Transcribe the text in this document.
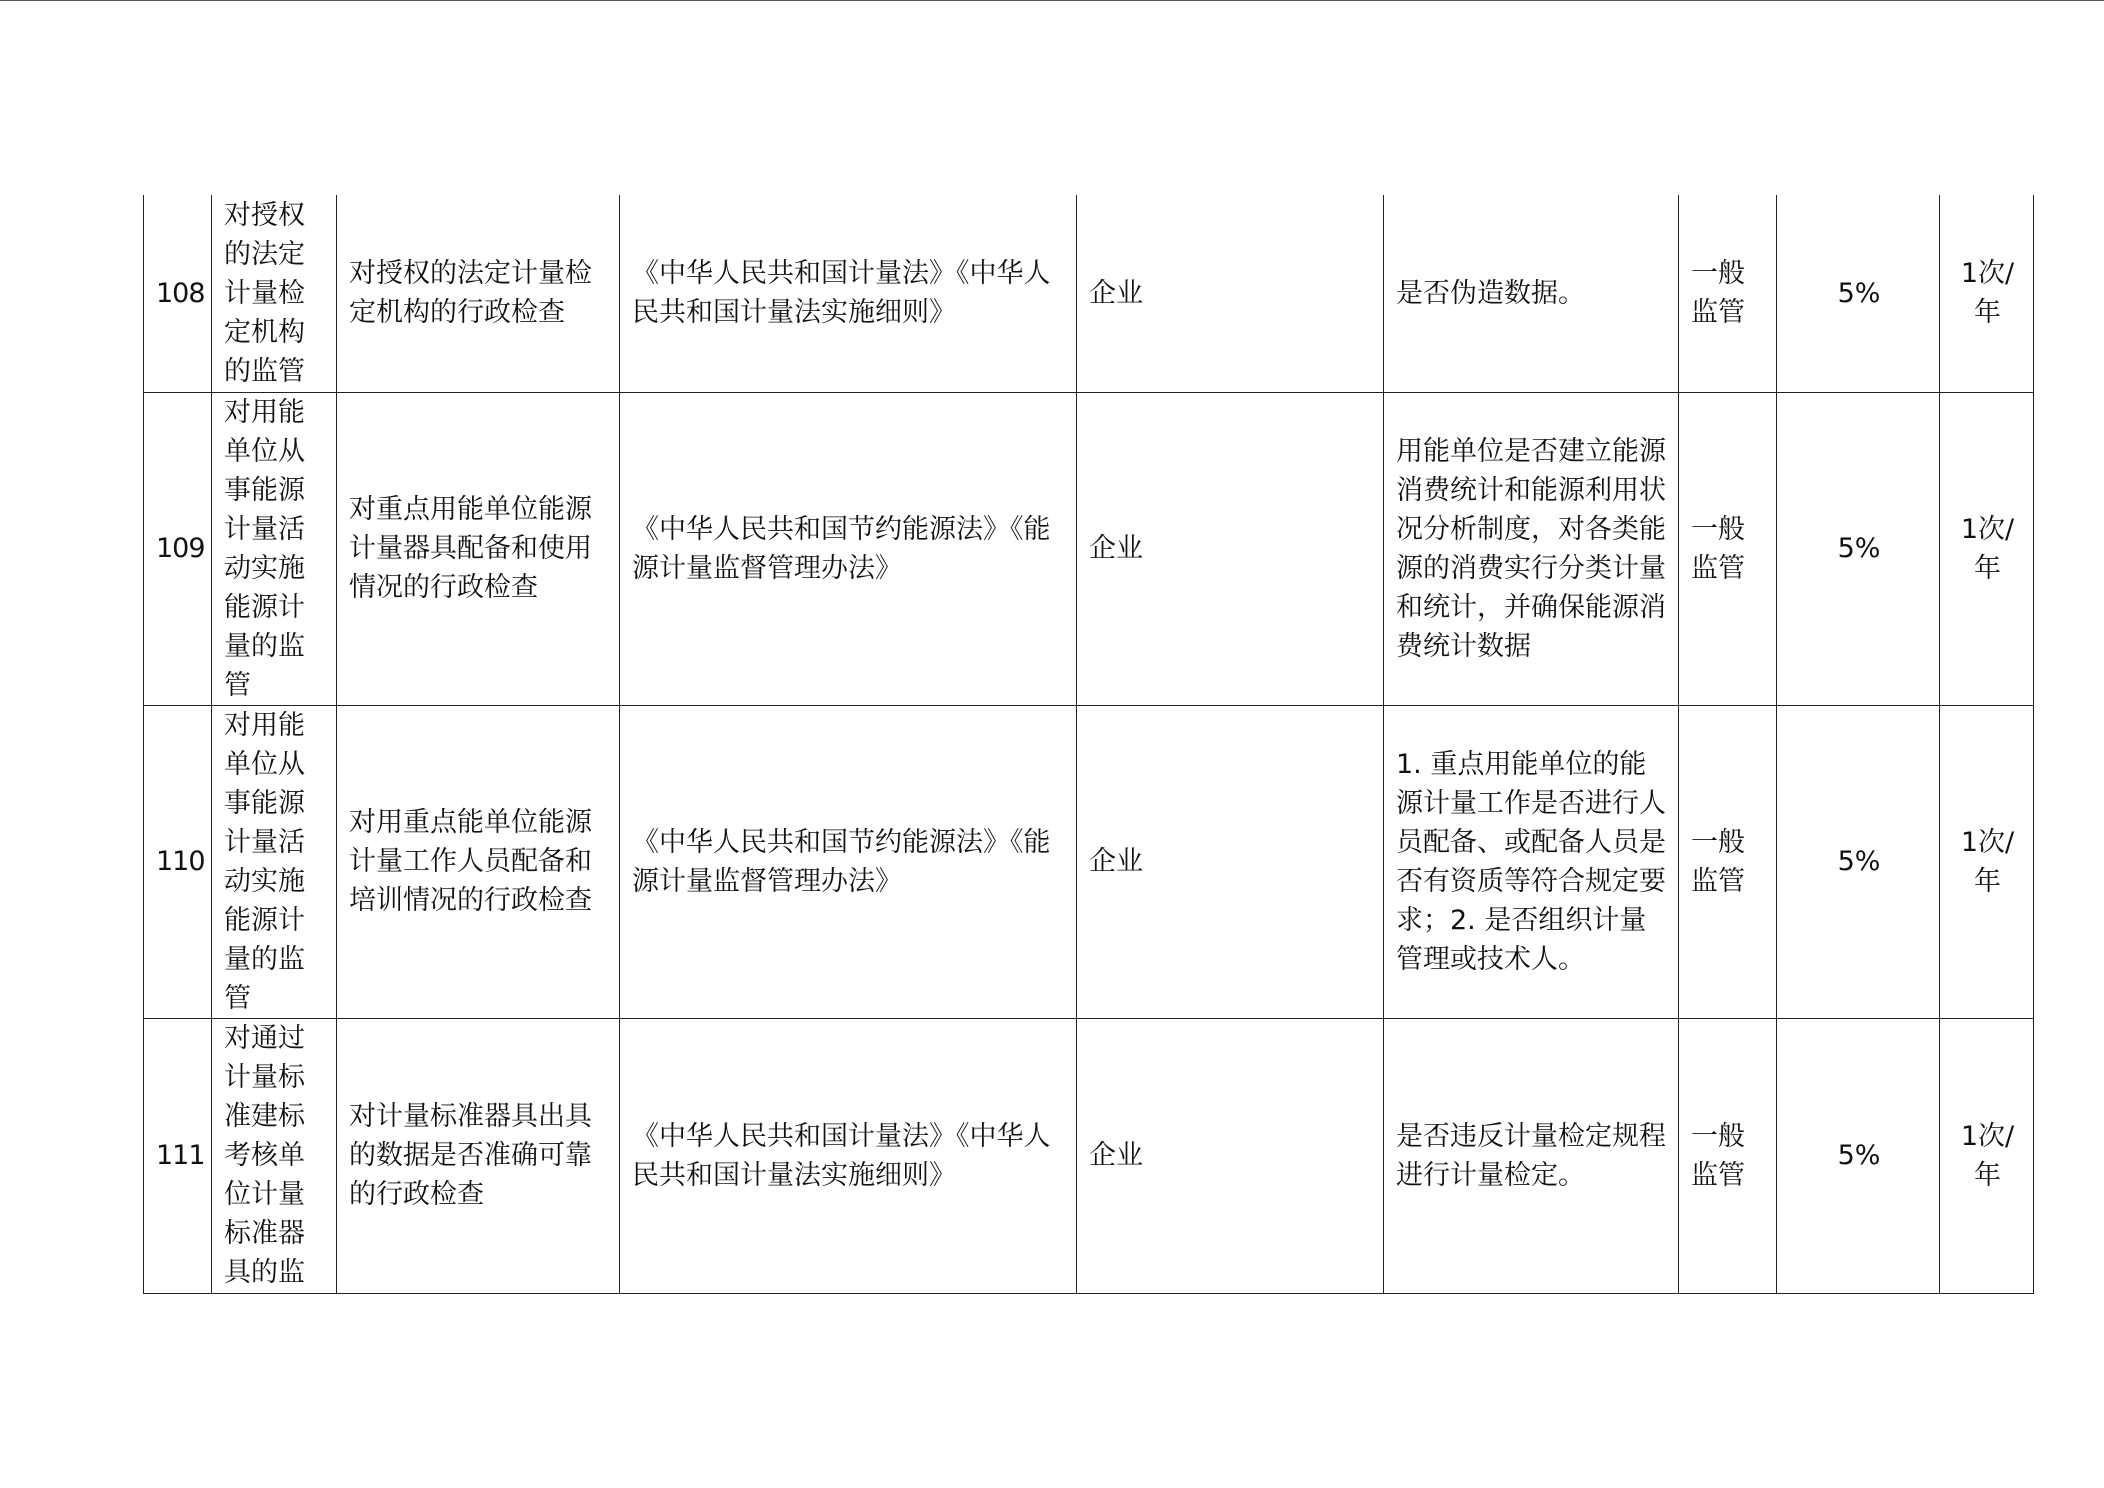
108	对授权的法定计量检定机构的监管	对授权的法定计量检定机构的行政检查	《中华人民共和国计量法》《中华人民共和国计量法实施细则》	企业	是否伪造数据。	一般监管	5%	1次/年
109	对用能单位从事能源计量活动实施能源计量的监管	对重点用能单位能源计量器具配备和使用情况的行政检查	《中华人民共和国节约能源法》《能源计量监督管理办法》	企业	用能单位是否建立能源消费统计和能源利用状况分析制度，对各类能源的消费实行分类计量和统计，并确保能源消费统计数据	一般监管	5%	1次/年
110	对用能单位从事能源计量活动实施能源计量的监管	对用重点能单位能源计量工作人员配备和培训情况的行政检查	《中华人民共和国节约能源法》《能源计量监督管理办法》	企业	1. 重点用能单位的能源计量工作是否进行人员配备、或配备人员是否有资质等符合规定要求；2. 是否组织计量管理或技术人。	一般监管	5%	1次/年
111	对通过计量标准建标考核单位计量标准器具的监	对计量标准器具出具的数据是否准确可靠的行政检查	《中华人民共和国计量法》《中华人民共和国计量法实施细则》	企业	是否违反计量检定规程进行计量检定。	一般监管	5%	1次/年
